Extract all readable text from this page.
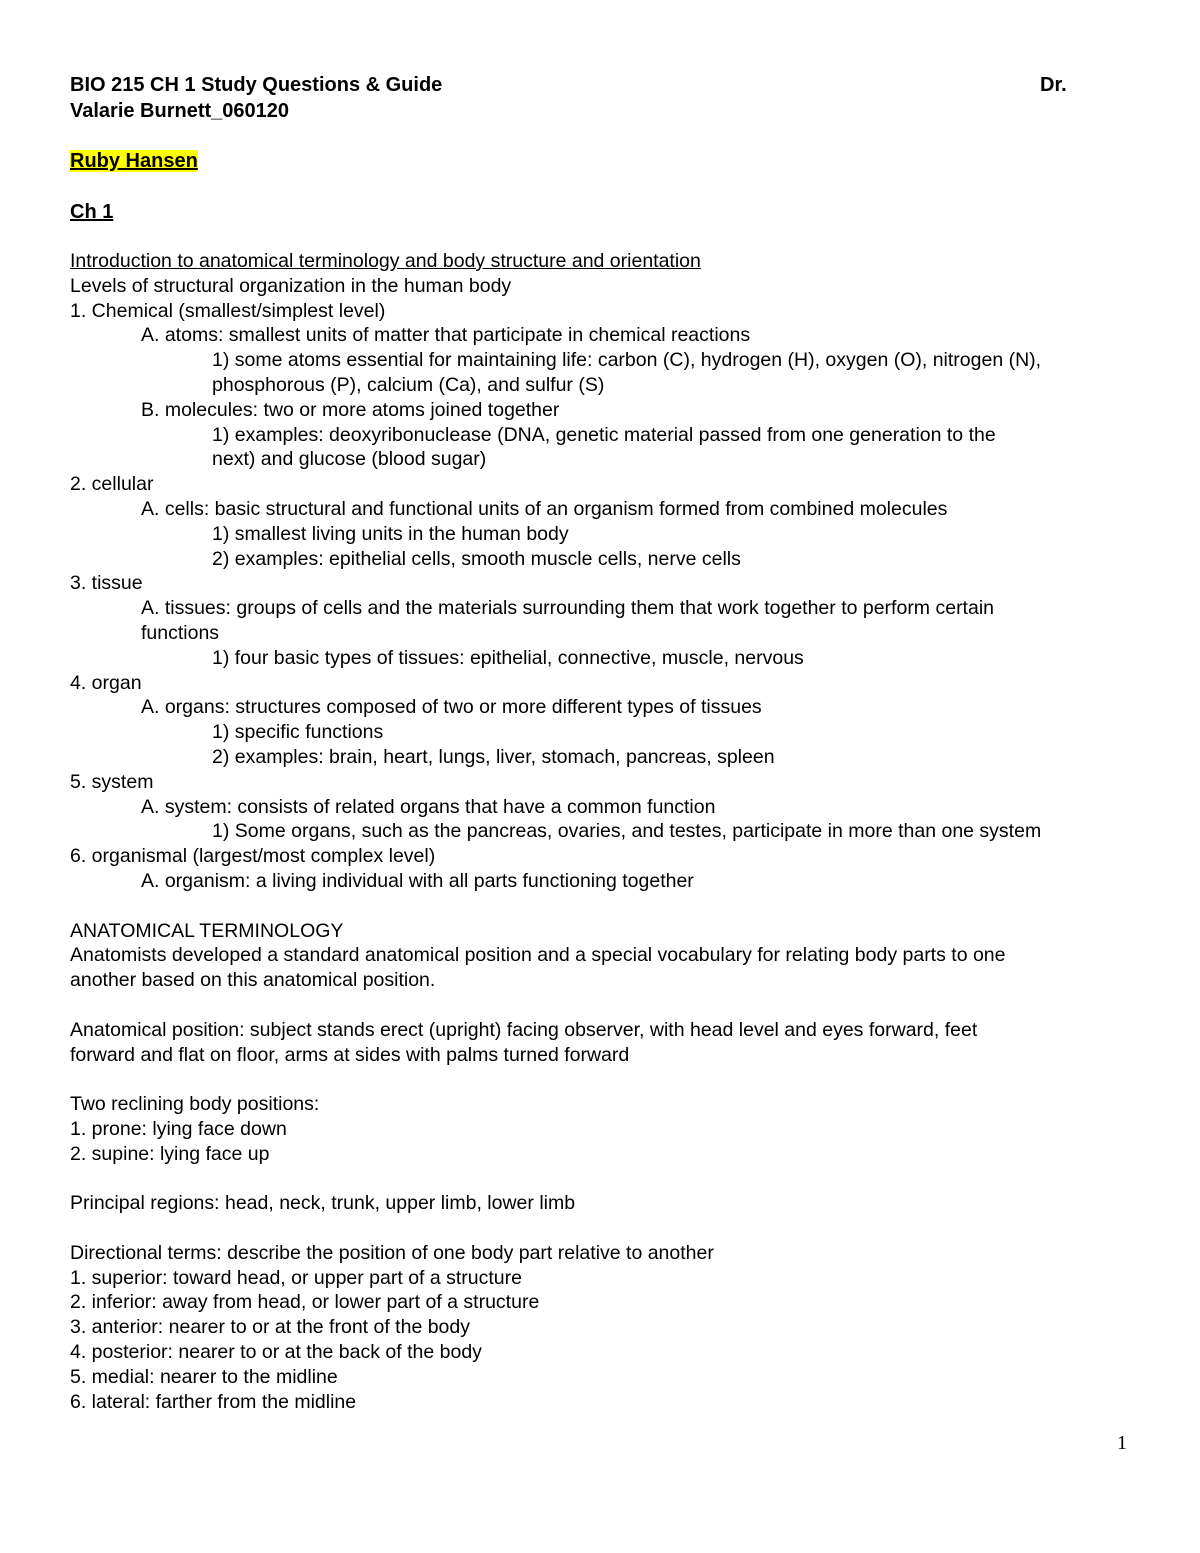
BIO 215 CH 1 Study Questions & Guide	Dr.
Valarie Burnett_060120
Ruby Hansen
Ch 1
Introduction to anatomical terminology and body structure and orientation
Levels of structural organization in the human body
1. Chemical (smallest/simplest level)
A. atoms: smallest units of matter that participate in chemical reactions
1) some atoms essential for maintaining life: carbon (C), hydrogen (H), oxygen (O), nitrogen (N),
phosphorous (P), calcium (Ca), and sulfur (S)
B. molecules: two or more atoms joined together
1) examples: deoxyribonuclease (DNA, genetic material passed from one generation to the
next) and glucose (blood sugar)
2. cellular
A. cells: basic structural and functional units of an organism formed from combined molecules
1) smallest living units in the human body
2) examples: epithelial cells, smooth muscle cells, nerve cells
3. tissue
A. tissues: groups of cells and the materials surrounding them that work together to perform certain
functions
1) four basic types of tissues: epithelial, connective, muscle, nervous
4. organ
A. organs: structures composed of two or more different types of tissues
1) specific functions
2) examples: brain, heart, lungs, liver, stomach, pancreas, spleen
5. system
A. system: consists of related organs that have a common function
1) Some organs, such as the pancreas, ovaries, and testes, participate in more than one system
6. organismal (largest/most complex level)
A. organism: a living individual with all parts functioning together
ANATOMICAL TERMINOLOGY
Anatomists developed a standard anatomical position and a special vocabulary for relating body parts to one
another based on this anatomical position.
Anatomical position: subject stands erect (upright) facing observer, with head level and eyes forward, feet
forward and flat on floor, arms at sides with palms turned forward
Two reclining body positions:
1. prone: lying face down
2. supine: lying face up
Principal regions: head, neck, trunk, upper limb, lower limb
Directional terms: describe the position of one body part relative to another
1. superior: toward head, or upper part of a structure
2. inferior: away from head, or lower part of a structure
3. anterior: nearer to or at the front of the body
4. posterior: nearer to or at the back of the body
5. medial: nearer to the midline
6. lateral: farther from the midline
1
